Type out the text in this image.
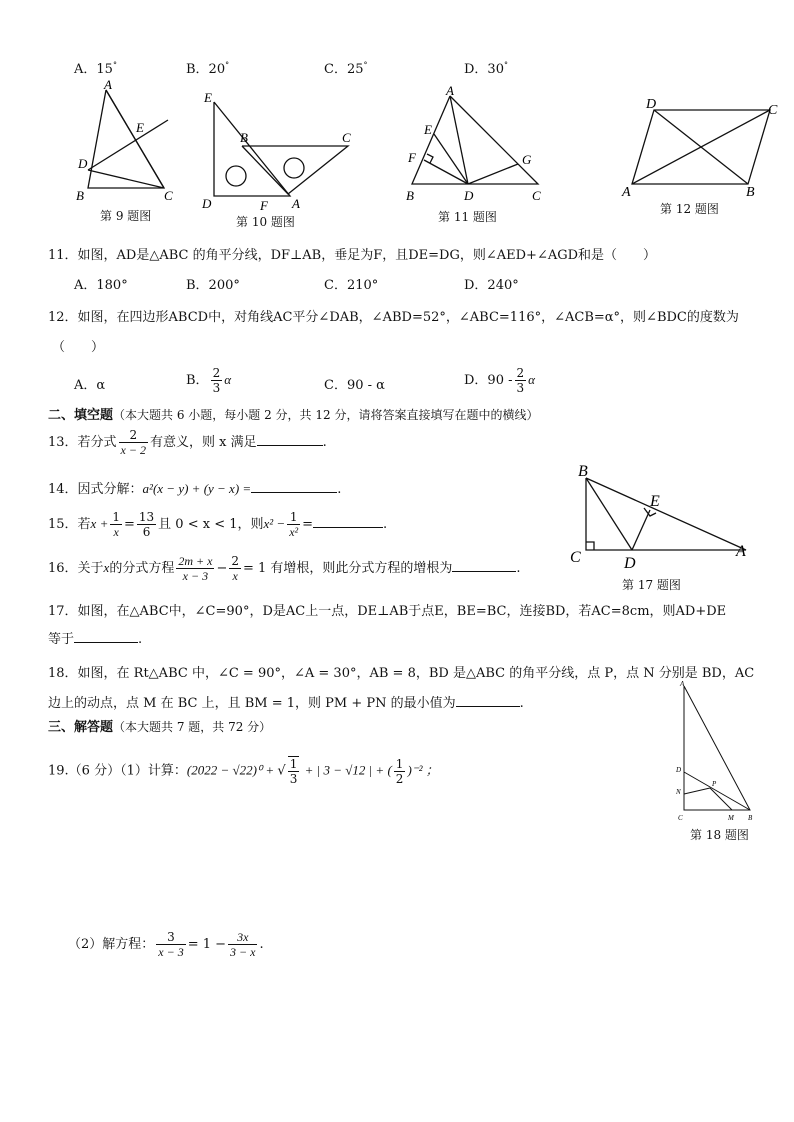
A．15°	B．20°	C．25°	D．30°
A
E
D
B	C
第 9 题图
E
B	C
D	F A
第 10 题图
A
E
F	G
B	D	C
第 11 题图
D	C
A	B
第 12 题图
11．如图，AD是△ABC 的角平分线，DF⊥AB，垂足为F，且DE=DG，则∠AED+∠AGD和是（　　）
A．180°	B．200°	C．210°	D．240°
12．如图，在四边形ABCD中，对角线AC平分∠DAB，∠ABD=52°，∠ABC=116°，∠ACB=α°，则∠BDC的度数为
（　　）
A．α	B． $\frac{2}{3}$ α	C．90 - α	D．$90 - \frac{2}{3}$ α
二、填空题（本大题共 6 小题，每小题 2 分，共 12 分，请将答案直接填写在题中的横线）
13．若分式 $\frac{2}{x - 2}$ 有意义，则 x 满足	.
14．因式分解：a²(x − y) + (y − x) =	.
15．若$x + \frac{1}{x} = \frac{13}{6}$ 且 0 < x < 1，则$x^2 - \frac{1}{\text{x²}}$ =	.
16．关于x的分式方程 $\frac{2m + x}{x - 3} - \frac{2}{x} = 1$ 有增根，则此分式方程的增根为	.
B
E
C	D
A
第 17 题图
17．如图，在△ABC中，∠C=90°，D是AC上一点，DE⊥AB于点E，BE=BC，连接BD，若AC=8cm，则AD+DE
等于	.
18．如图，在 Rt△ABC 中，∠C = 90°，∠A = 30°，AB = 8，BD 是△ABC 的角平分线，点 P，点 N 分别是 BD，AC
边上的动点，点 M 在 BC 上，且 BM = 1，则 PM + PN 的最小值为	.
三、解答题（本大题共 7 题，共 72 分）
A
D
P
N
C	M B
第 18 题图
19.（6 分）（1）计算：(2022 − √22)⁰ + √ $\frac{1}{3}$ + | 3 − √12 | + ( $\frac{1}{2} )^{-2}$ ；
（2）解方程： $\frac{3}{x - 3} = 1 - \frac{3x}{3 - x}$ .
